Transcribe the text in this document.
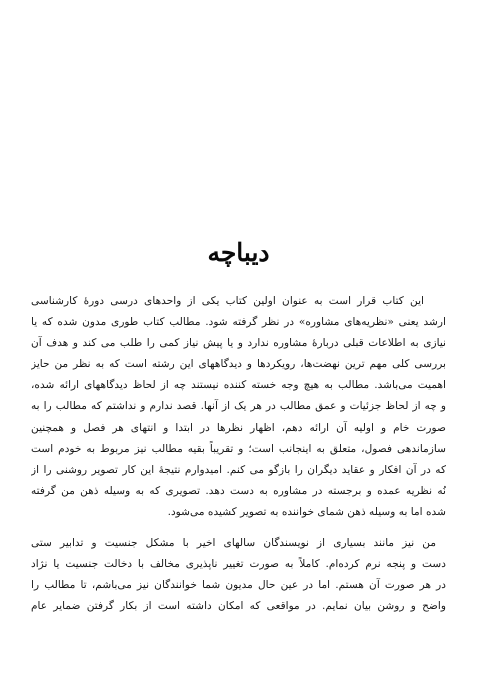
دیباچه

این کتاب قرار است به عنوان اولین کتاب یکی از واحدهای درسی دورهٔ کارشناسی

ارشد یعنی «نظریه‌های مشاوره» در نظر گرفته شود. مطالب کتاب طوری مدون شده که یا

نیازی به اطلاعات قبلی دربارهٔ مشاوره ندارد و یا پیش نیاز کمی را طلب می کند و هدف آن

بررسی کلی مهم ترین نهضت‌ها، رویکردها و دیدگاههای این رشته است که به نظر من حایز

اهمیت می‌باشد. مطالب به هیچ وجه خسته کننده نیستند چه از لحاظ دیدگاههای ارائه شده،

و چه از لحاظ جزئیات و عمق مطالب در هر یک از آنها. قصد ندارم و نداشتم که مطالب را به

صورت خام و اولیه آن ارائه دهم، اظهار نظرها در ابتدا و انتهای هر فصل و همچنین

سازماندهی فصول، متعلق به اینجانب است؛ و تقریباً بقیه مطالب نیز مربوط به خودم است

که در آن افکار و عقاید دیگران را بازگو می کنم. امیدوارم نتیجهٔ این کار تصویر روشنی را از

نُه نظریه عمده و برجسته در مشاوره به دست دهد. تصویری که به وسیله ذهن من گرفته

شده اما به وسیله ذهن شمای خواننده به تصویر کشیده می‌شود.

من نیز مانند بسیاری از نویسندگان سالهای اخیر با مشکل جنسیت و تدابیر ستی

دست و پنجه نرم کرده‌ام. کاملاً به صورت تغییر ناپذیری مخالف با دخالت جنسیت یا نژاد

در هر صورت آن هستم. اما در عین حال مدیون شما خوانندگان نیز می‌باشم، تا مطالب را

واضح و روشن بیان نمایم. در مواقعی که امکان داشته است از بکار گرفتن ضمایر عام
